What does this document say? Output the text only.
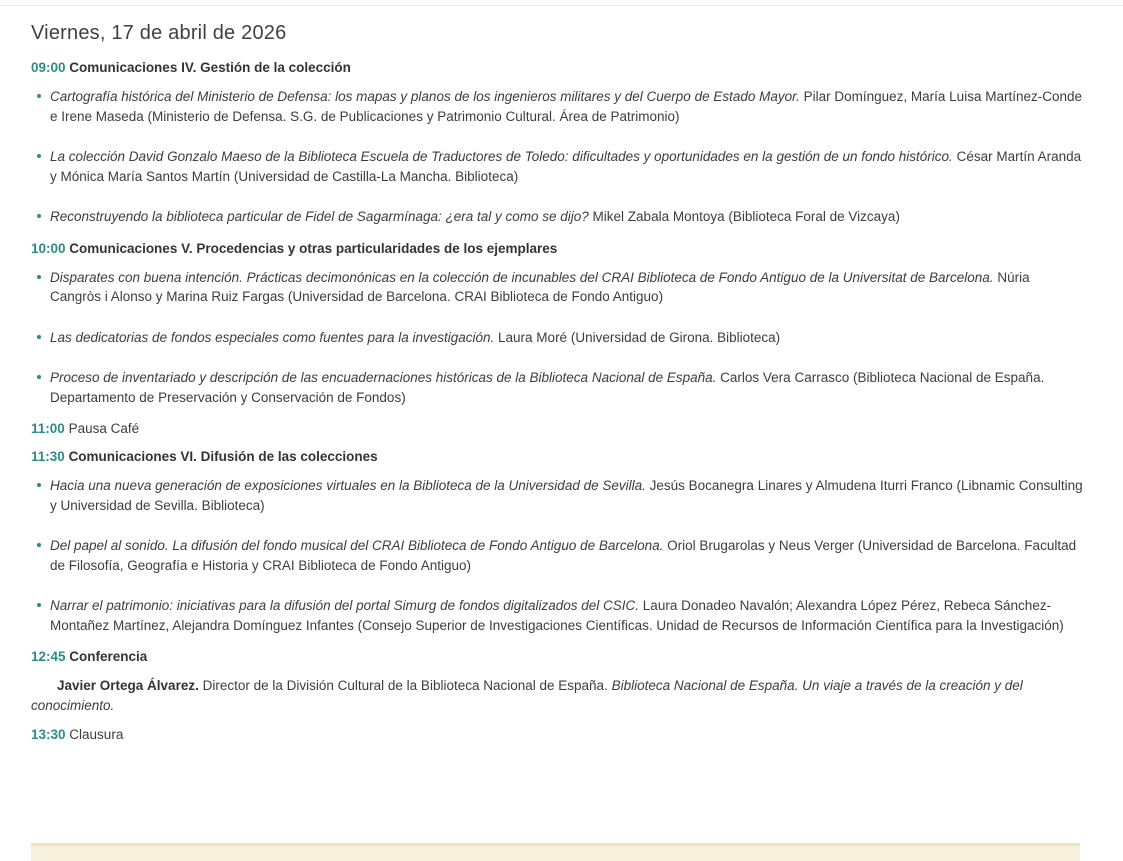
Viernes, 17 de abril de 2026
09:00 Comunicaciones IV. Gestión de la colección
Cartografía histórica del Ministerio de Defensa: los mapas y planos de los ingenieros militares y del Cuerpo de Estado Mayor. Pilar Domínguez, María Luisa Martínez-Conde e Irene Maseda (Ministerio de Defensa. S.G. de Publicaciones y Patrimonio Cultural. Área de Patrimonio)
La colección David Gonzalo Maeso de la Biblioteca Escuela de Traductores de Toledo: dificultades y oportunidades en la gestión de un fondo histórico. César Martín Aranda y Mónica María Santos Martín (Universidad de Castilla-La Mancha. Biblioteca)
Reconstruyendo la biblioteca particular de Fidel de Sagarmínaga: ¿era tal y como se dijo? Mikel Zabala Montoya (Biblioteca Foral de Vizcaya)
10:00 Comunicaciones V. Procedencias y otras particularidades de los ejemplares
Disparates con buena intención. Prácticas decimonónicas en la colección de incunables del CRAI Biblioteca de Fondo Antiguo de la Universitat de Barcelona. Núria Cangròs i Alonso y Marina Ruiz Fargas (Universidad de Barcelona. CRAI Biblioteca de Fondo Antiguo)
Las dedicatorias de fondos especiales como fuentes para la investigación. Laura Moré (Universidad de Girona. Biblioteca)
Proceso de inventariado y descripción de las encuadernaciones históricas de la Biblioteca Nacional de España. Carlos Vera Carrasco (Biblioteca Nacional de España. Departamento de Preservación y Conservación de Fondos)
11:00 Pausa Café
11:30 Comunicaciones VI. Difusión de las colecciones
Hacia una nueva generación de exposiciones virtuales en la Biblioteca de la Universidad de Sevilla. Jesús Bocanegra Linares y Almudena Iturri Franco (Libnamic Consulting y Universidad de Sevilla. Biblioteca)
Del papel al sonido. La difusión del fondo musical del CRAI Biblioteca de Fondo Antiguo de Barcelona. Oriol Brugarolas y Neus Verger (Universidad de Barcelona. Facultad de Filosofía, Geografía e Historia y CRAI Biblioteca de Fondo Antiguo)
Narrar el patrimonio: iniciativas para la difusión del portal Simurg de fondos digitalizados del CSIC. Laura Donadeo Navalón; Alexandra López Pérez, Rebeca Sánchez-Montañez Martínez, Alejandra Domínguez Infantes (Consejo Superior de Investigaciones Científicas. Unidad de Recursos de Información Científica para la Investigación)
12:45 Conferencia
Javier Ortega Álvarez. Director de la División Cultural de la Biblioteca Nacional de España. Biblioteca Nacional de España. Un viaje a través de la creación y del conocimiento.
13:30 Clausura
